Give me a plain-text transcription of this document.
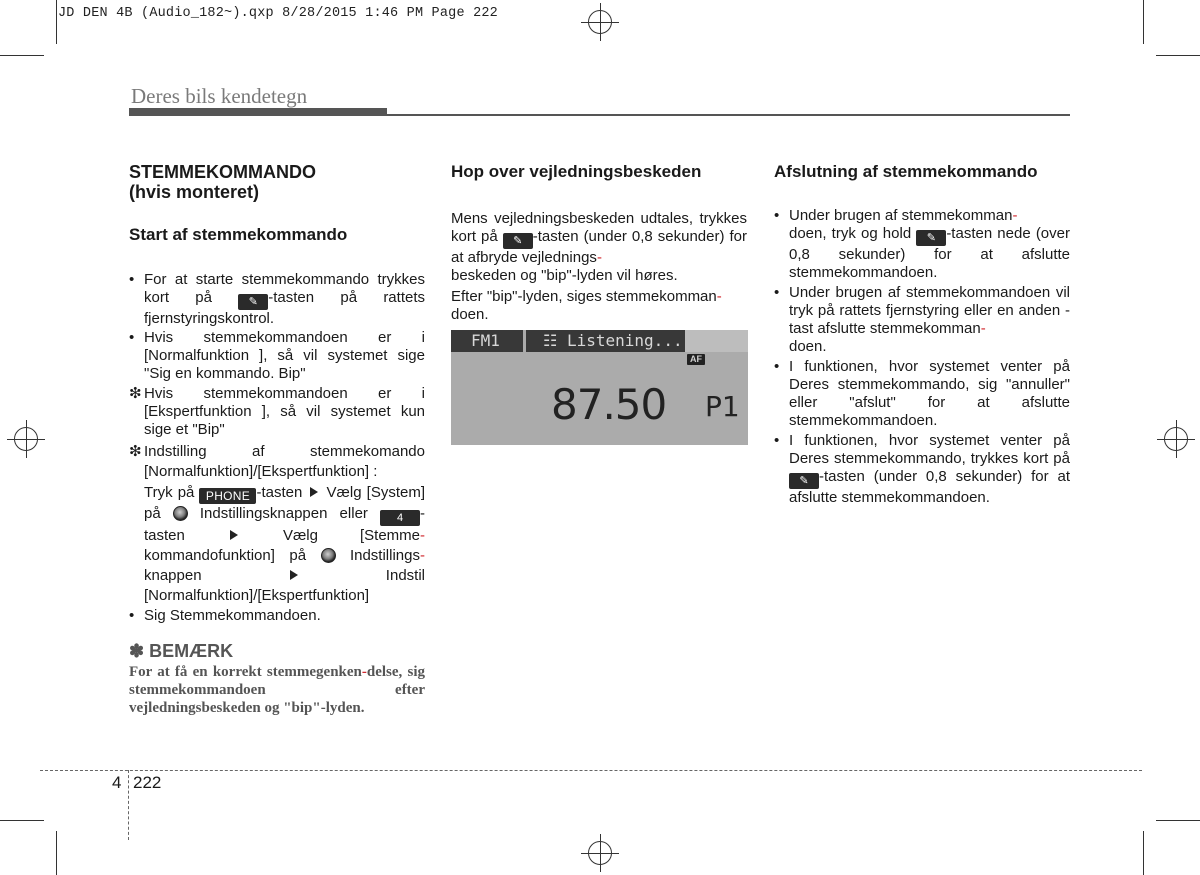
JD DEN 4B (Audio_182~).qxp 8/28/2015 1:46 PM Page 222
Deres bils kendetegn

STEMMEKOMMANDO
(hvis monteret)

Start af stemmekommando

• For at starte stemmekommando trykkes kort på ✎ -tasten på rattets fjernstyringskontrol.
• Hvis stemmekommandoen er i [Normalfunktion ], så vil systemet sige "Sig en kommando. Bip"
❇ Hvis stemmekommandoen er i [Ekspertfunktion ], så vil systemet kun sige et "Bip"
❇ Indstilling af stemmekomando [Normalfunktion]/[Ekspertfunktion] :
Tryk på PHONE -tasten  Vælg [System] på  Indstillingsknappen eller 4 -tasten  Vælg [Stemme-kommandofunktion] på  Indstillings-knappen  Indstil [Normalfunktion]/[Ekspertfunktion]
• Sig Stemmekommandoen.

✽ BEMÆRK

For at få en korrekt stemmegenken-delse, sig stemmekommandoen efter vejledningsbeskeden og "bip"-lyden.

Hop over vejledningsbeskeden

Mens vejledningsbeskeden udtales, trykkes kort på ✎ -tasten (under 0,8 sekunder) for at afbryde vejlednings-
beskeden og "bip"-lyden vil høres.

Efter "bip"-lyden, siges stemmekomman-
doen.

FM1	☷ Listening...
AF
87.50 P1

Afslutning af stemmekommando

• Under brugen af stemmekomman-
doen, tryk og hold ✎ -tasten nede (over 0,8 sekunder) for at afslutte stemmekommandoen.
• Under brugen af stemmekommandoen vil tryk på rattets fjernstyring eller en anden -tast afslutte stemmekomman-
doen.
• I funktionen, hvor systemet venter på Deres stemmekommando, sig "annuller" eller "afslut" for at afslutte stemmekommandoen.
• I funktionen, hvor systemet venter på Deres stemmekommando, trykkes kort på ✎ -tasten (under 0,8 sekunder) for at afslutte stemmekommandoen.
4 222
